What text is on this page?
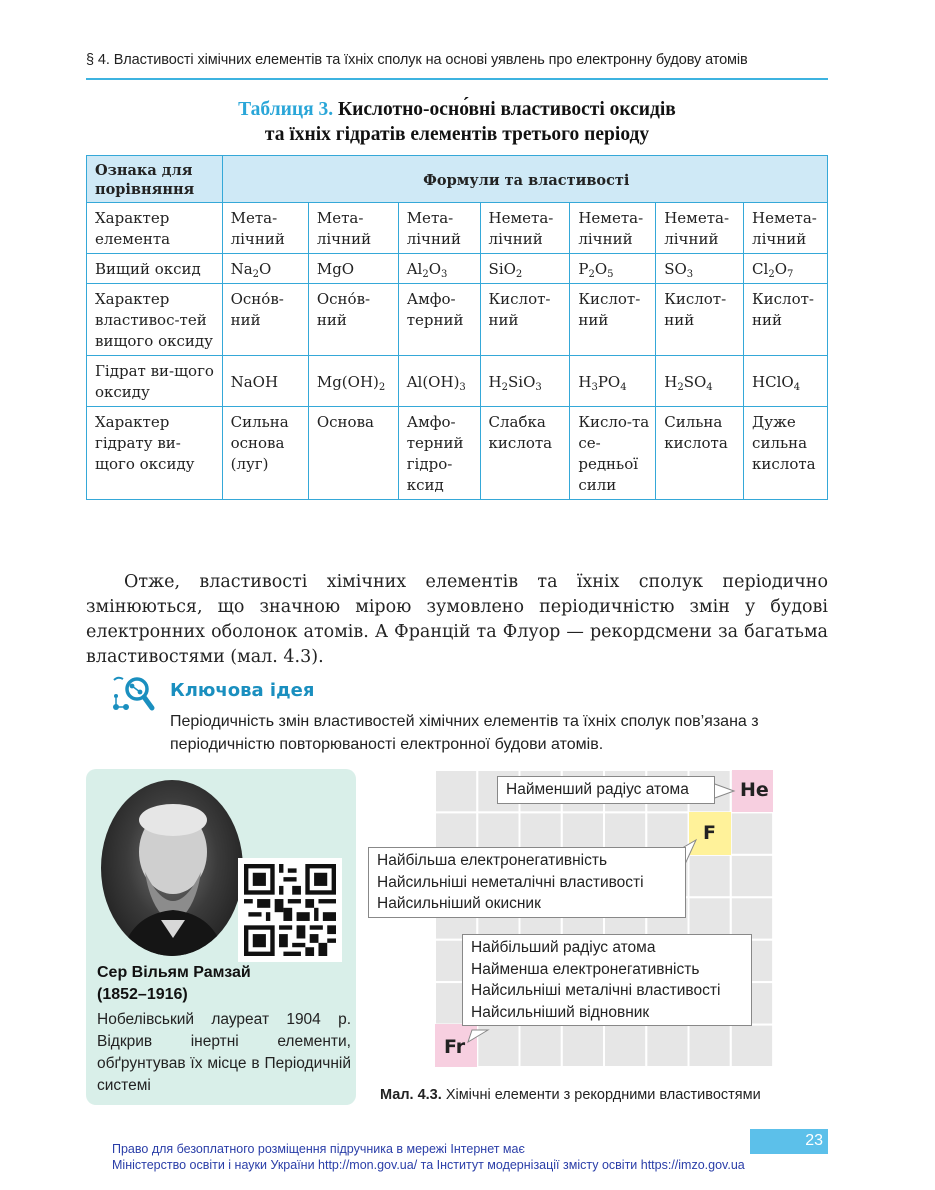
§ 4. Властивості хімічних елементів та їхніх сполук на основі уявлень про електронну будову атомів
Таблиця 3. Кислотно-осно́вні властивості оксидів
та їхніх гідратів елементів третього періоду
Ознака для порівняння	Формули та властивості						
Характер елемента	Мета-лічний	Мета-лічний	Мета-лічний	Немета-лічний	Немета-лічний	Немета-лічний	Немета-лічний
Вищий оксид	$Na_2O$	MgO	$Al_2O_3$	SiO$_2$	$P_2O_5$	$SO_3$	$Cl_2O_7$
Характер властивос-тей вищого оксиду	Осно́в-ний	Осно́в-ний	Амфо-терний	Кислот-ний	Кислот-ний	Кислот-ний	Кислот-ний
Гідрат ви-щого оксиду	NaOH	$Mg(OH)_2$	$Al(OH)_3$	$H_2SiO_3$	$H_3PO_4$	$H_2SO_4$	HClO$_4$
Характер гідрату ви-щого оксиду	Сильна основа (луг)	Основа	Амфо-терний гідро-ксид	Слабка кислота	Кисло-та се-редньої сили	Сильна кислота	Дуже сильна кислота

Отже, властивості хімічних елементів та їхніх сполук періодично змінюються, що значною мірою зумовлено періодичністю змін у будові електронних оболонок атомів. А Францій та Флуор — рекордсмени за багатьма властивостями (мал. 4.3).

Ключова ідея
Періодичність змін властивостей хімічних елементів та їхніх сполук пов’язана з періодичністю повторюваності електронної будови атомів.
Сер Вільям Рамзай
(1852–1916)
Нобелівський лауреат 1904 р. Відкрив інертні елементи, обґрунтував їх місце в Періодичній системі
He
F
Fr
Найменший радіус атома
Найбільша електронегативність
Найсильніші неметалічні властивості
Найсильніший окисник
Найбільший радіус атома
Найменша електронегативність
Найсильніші металічні властивості
Найсильніший відновник
Мал. 4.3. Хімічні елементи з рекордними властивостями
23
Право для безоплатного розміщення підручника в мережі Інтернет має
Міністерство освіти і науки України http://mon.gov.ua/ та Інститут модернізації змісту освіти https://imzo.gov.ua
